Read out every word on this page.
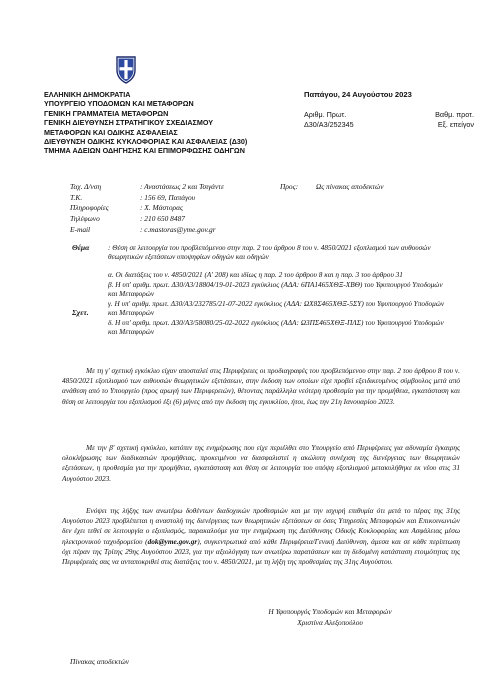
ΕΛΛΗΝΙΚΗ ΔΗΜΟΚΡΑΤΙΑ
ΥΠΟΥΡΓΕΙΟ ΥΠΟΔΟΜΩΝ ΚΑΙ ΜΕΤΑΦΟΡΩΝ
ΓΕΝΙΚΗ ΓΡΑΜΜΑΤΕΙΑ ΜΕΤΑΦΟΡΩΝ
ΓΕΝΙΚΗ ΔΙΕΥΘΥΝΣΗ ΣΤΡΑΤΗΓΙΚΟΥ ΣΧΕΔΙΑΣΜΟΥ
ΜΕΤΑΦΟΡΩΝ ΚΑΙ ΟΔΙΚΗΣ ΑΣΦΑΛΕΙΑΣ
ΔΙΕΥΘΥΝΣΗ ΟΔΙΚΗΣ ΚΥΚΛΟΦΟΡΙΑΣ ΚΑΙ ΑΣΦΑΛΕΙΑΣ (Δ30)
ΤΜΗΜΑ ΑΔΕΙΩΝ ΟΔΗΓΗΣΗΣ ΚΑΙ ΕΠΙΜΟΡΦΩΣΗΣ ΟΔΗΓΩΝ
Παπάγου, 24 Αυγούστου 2023
Αριθμ. Πρωτ.	Βαθμ. προτ.
Δ30/Α3/252345	Εξ. επείγον
Ταχ. Δ/νση	: Αναστάσεως 2 και Τσιγάντε
Τ.Κ.	: 156 69, Παπάγου
Πληροφορίες	: Χ. Μάστορας
Τηλέφωνο	: 210 650 8487
E-mail	: c.mastoras@yme.gov.gr
Προς: Ως πίνακας αποδεκτών
Θέμα	: Θέση σε λειτουργία του προβλεπόμενου στην παρ. 2 του άρθρου 8 του ν. 4850/2021 εξοπλισμού των αυθουσών θεωρητικών εξετάσεων υποψηφίων οδηγών και οδηγών
Σχετ.
α. Οι διατάξεις του ν. 4850/2021 (Α' 208) και ιδίως η παρ. 2 του άρθρου 8 και η παρ. 3 του άρθρου 31
β. Η υπ' αριθμ. πρωτ. Δ30/Α3/18804/19-01-2023 εγκύκλιος (ΑΔΑ: 6ΠΑ1465ΧΘΞ-ΧΒΘ) του Υφυπουργού Υποδομών και Μεταφορών
γ. Η υπ' αριθμ. πρωτ. Δ30/Α3/232785/21-07-2022 εγκύκλιος (ΑΔΑ: ΩΧ8Σ465ΧΘΞ-5ΣΥ) του Υφυπουργού Υποδομών και Μεταφορών
δ. Η υπ' αριθμ. πρωτ. Δ30/Α3/58080/25-02-2022 εγκύκλιος (ΑΔΑ: Ω3ΠΣ465ΧΘΞ-ΠΛΣ) του Υφυπουργού Υποδομών και Μεταφορών
Με τη γ' σχετική εγκύκλιο είχαν αποσταλεί στις Περιφέρειες οι προδιαγραφές του προβλεπόμενου στην παρ. 2 του άρθρου 8 του ν. 4850/2021 εξοπλισμού των αιθουσών θεωρητικών εξετάσεων, στην έκδοση των οποίων είχε προβεί εξειδικευμένος σύμβουλος μετά από ανάθεση από το Υπουργείο (προς αρωγή των Περιφερειών), θέτοντας παράλληλα νεότερη προθεσμία για την προμήθεια, εγκατάσταση και θέση σε λειτουργία του εξοπλισμού έξι (6) μήνες από την έκδοση της εγκυκλίου, ήτοι, έως την 21η Ιανουαρίου 2023.
Με την β' σχετική εγκύκλιο, κατόπιν της ενημέρωσης που είχε περιέλθει στο Υπουργείο από Περιφέρειες για αδυναμία έγκαιρης ολοκλήρωσης των διαδικασιών προμήθειας, προκειμένου να διασφαλιστεί η ακώλυτη συνέχιση της διενέργειας των θεωρητικών εξετάσεων, η προθεσμία για την προμήθεια, εγκατάσταση και θέση σε λειτουργία του υπόψη εξοπλισμού μετακυλήθηκε εκ νέου στις 31 Αυγούστου 2023.
Ενόψει της λήξης των ανωτέρω δοθέντων διαδοχικών προθεσμιών και με την ισχυρή επιθυμία ότι μετά το πέρας της 31ης Αυγούστου 2023 προβλέπεται η αναστολή της διενέργειας των θεωρητικών εξετάσεων σε όσες Υπηρεσίες Μεταφορών και Επικοινωνιών δεν έχει τεθεί σε λειτουργία ο εξοπλισμός, παρακαλούμε για την ενημέρωση της Διεύθυνσης Οδικής Κυκλοφορίας και Ασφάλειας μέσω ηλεκτρονικού ταχυδρομείου (dok@yme.gov.gr), συγκεντρωτικά από κάθε Περιφέρεια/Γενική Διεύθυνση, άμεσα και σε κάθε περίπτωση όχι πέραν της Τρίτης 29ης Αυγούστου 2023, για την αξιολόγηση των ανωτέρω παρατάσεων και τη δεδομένη κατάσταση ετοιμότητας της Περιφέρειάς σας να ανταποκριθεί στις διατάξεις του ν. 4850/2021, με τη λήξη της προθεσμίας της 31ης Αυγούστου.
Η Υφυπουργός Υποδομών και Μεταφορών
Χριστίνα Αλεξοπούλου
Πίνακας αποδεκτών
